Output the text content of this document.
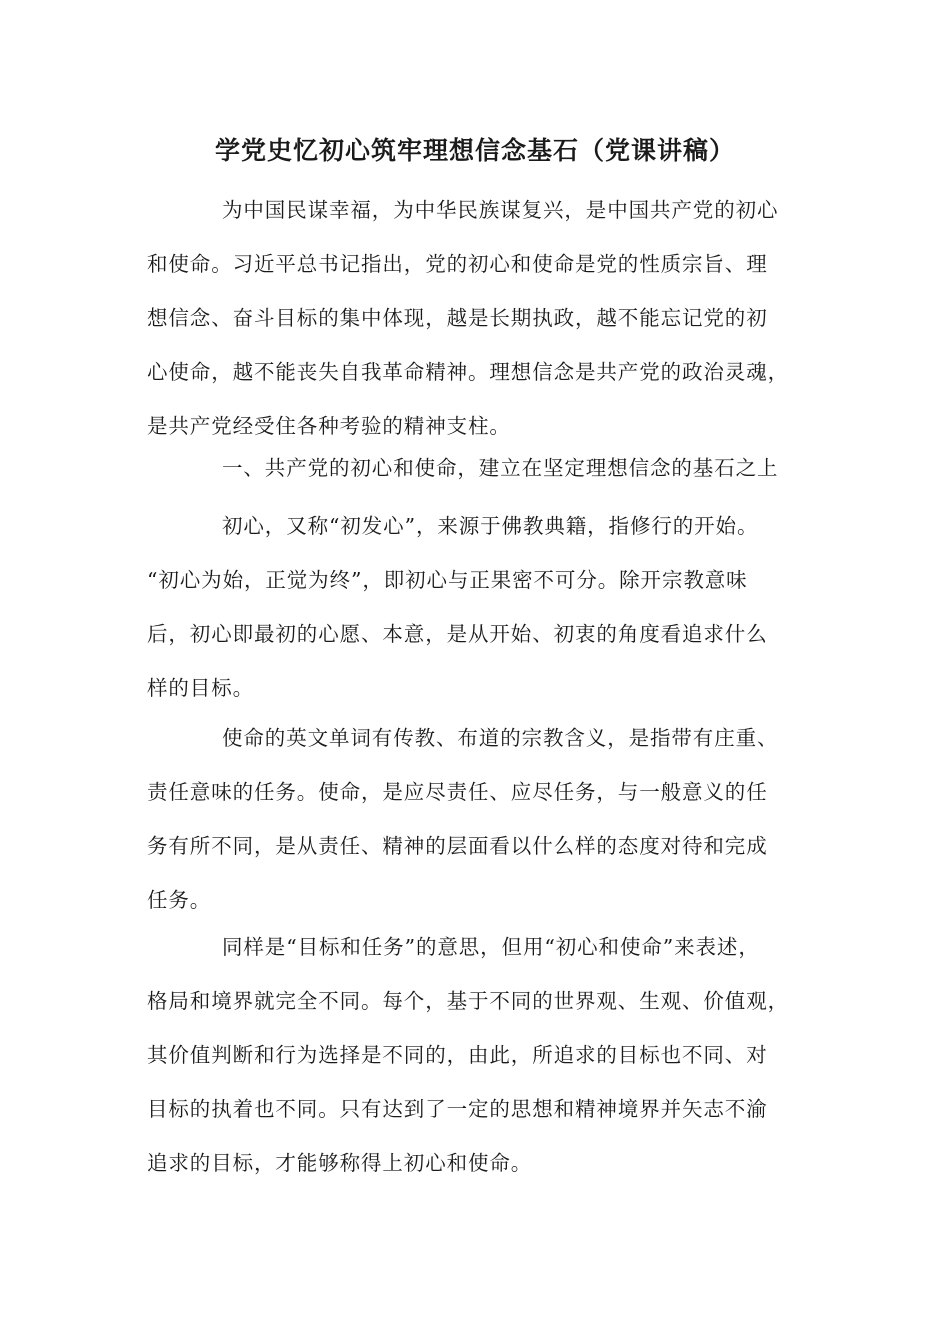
学党史忆初心筑牢理想信念基石（党课讲稿）

为中国民谋幸福，为中华民族谋复兴，是中国共产党的初心
和使命。习近平总书记指出，党的初心和使命是党的性质宗旨、理
想信念、奋斗目标的集中体现，越是长期执政，越不能忘记党的初
心使命，越不能丧失自我革命精神。理想信念是共产党的政治灵魂，
是共产党经受住各种考验的精神支柱。

一、共产党的初心和使命，建立在坚定理想信念的基石之上

初心，又称“初发心”，来源于佛教典籍，指修行的开始。
“初心为始，正觉为终”，即初心与正果密不可分。除开宗教意味
后，初心即最初的心愿、本意，是从开始、初衷的角度看追求什么
样的目标。

使命的英文单词有传教、布道的宗教含义，是指带有庄重、
责任意味的任务。使命，是应尽责任、应尽任务，与一般意义的任
务有所不同，是从责任、精神的层面看以什么样的态度对待和完成
任务。

同样是“目标和任务”的意思，但用“初心和使命”来表述，
格局和境界就完全不同。每个，基于不同的世界观、生观、价值观，
其价值判断和行为选择是不同的，由此，所追求的目标也不同、对
目标的执着也不同。只有达到了一定的思想和精神境界并矢志不渝
追求的目标，才能够称得上初心和使命。
